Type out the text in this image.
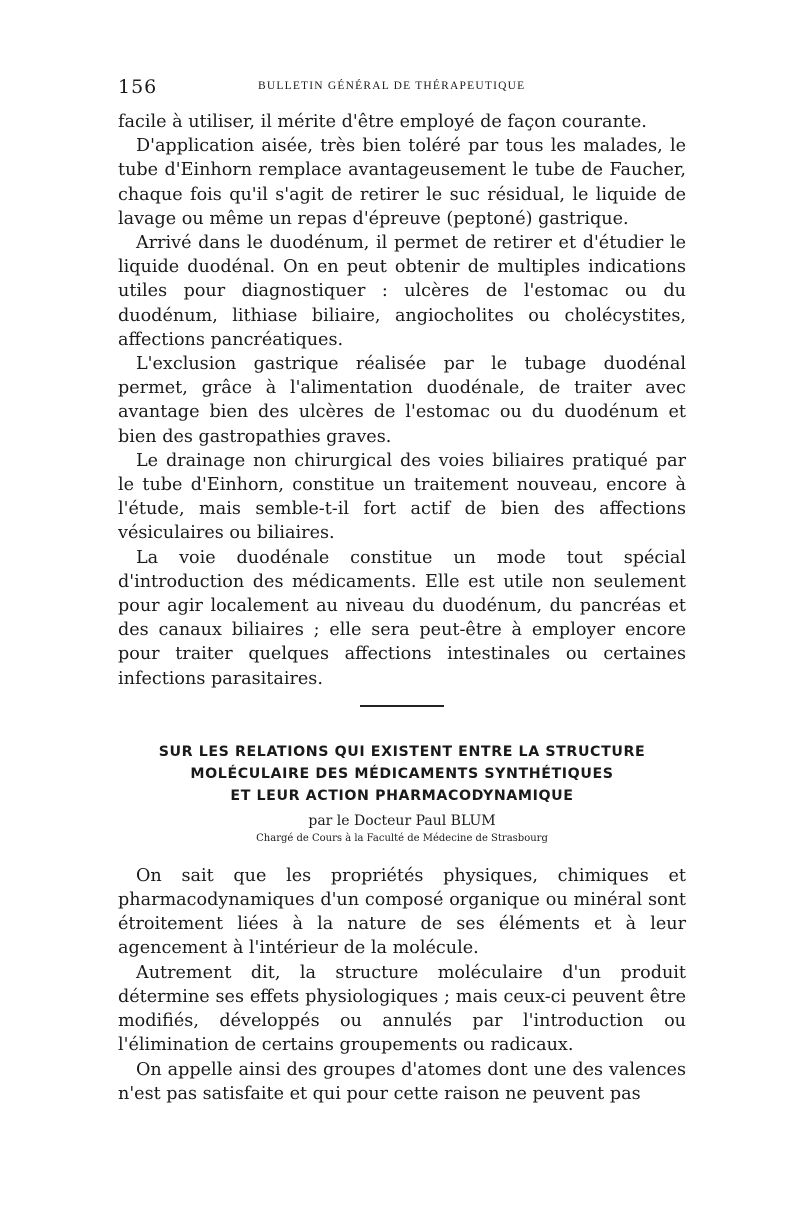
156	BULLETIN GÉNÉRAL DE THÉRAPEUTIQUE

facile à utiliser, il mérite d'être employé de façon courante.

D'application aisée, très bien toléré par tous les malades, le tube d'Einhorn remplace avantageusement le tube de Faucher, chaque fois qu'il s'agit de retirer le suc résidual, le liquide de lavage ou même un repas d'épreuve (peptoné) gastrique.

Arrivé dans le duodénum, il permet de retirer et d'étudier le liquide duodénal. On en peut obtenir de multiples indications utiles pour diagnostiquer : ulcères de l'estomac ou du duodénum, lithiase biliaire, angiocholites ou cholécystites, affections pancréatiques.

L'exclusion gastrique réalisée par le tubage duodénal permet, grâce à l'alimentation duodénale, de traiter avec avantage bien des ulcères de l'estomac ou du duodénum et bien des gastropathies graves.

Le drainage non chirurgical des voies biliaires pratiqué par le tube d'Einhorn, constitue un traitement nouveau, encore à l'étude, mais semble-t-il fort actif de bien des affections vésiculaires ou biliaires.

La voie duodénale constitue un mode tout spécial d'introduction des médicaments. Elle est utile non seulement pour agir localement au niveau du duodénum, du pancréas et des canaux biliaires ; elle sera peut-être à employer encore pour traiter quelques affections intestinales ou certaines infections parasitaires.

SUR LES RELATIONS QUI EXISTENT ENTRE LA STRUCTURE
MOLÉCULAIRE DES MÉDICAMENTS SYNTHÉTIQUES
ET LEUR ACTION PHARMACODYNAMIQUE
par le Docteur Paul BLUM
Chargé de Cours à la Faculté de Médecine de Strasbourg

On sait que les propriétés physiques, chimiques et pharmacodynamiques d'un composé organique ou minéral sont étroitement liées à la nature de ses éléments et à leur agencement à l'intérieur de la molécule.

Autrement dit, la structure moléculaire d'un produit détermine ses effets physiologiques ; mais ceux-ci peuvent être modifiés, développés ou annulés par l'introduction ou l'élimination de certains groupements ou radicaux.

On appelle ainsi des groupes d'atomes dont une des valences n'est pas satisfaite et qui pour cette raison ne peuvent pas
